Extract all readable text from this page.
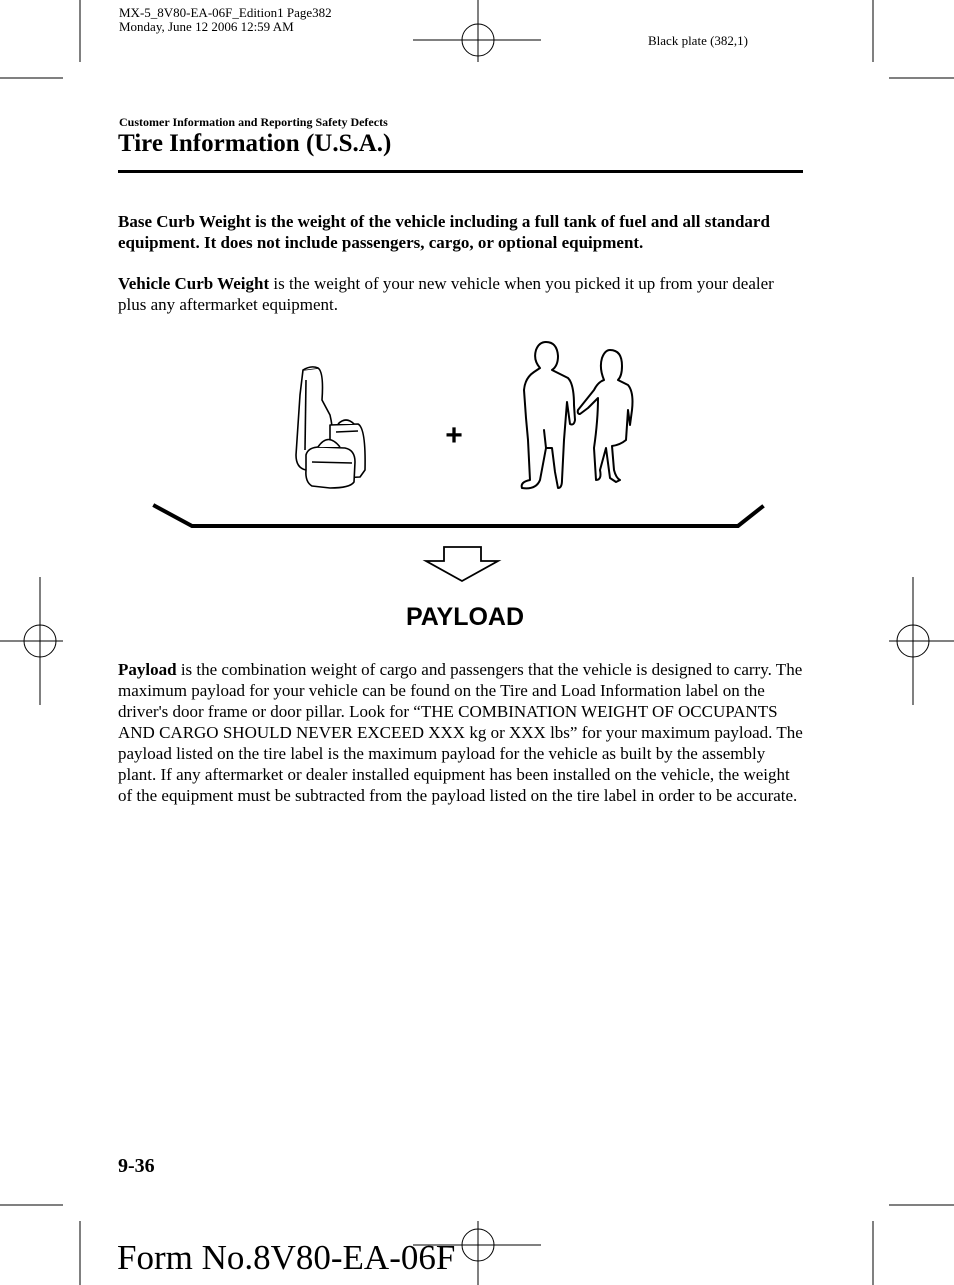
MX-5_8V80-EA-06F_Edition1 Page382
Monday, June 12 2006 12:59 AM
Black plate (382,1)
Customer Information and Reporting Safety Defects
Tire Information (U.S.A.)
Base Curb Weight is the weight of the vehicle including a full tank of fuel and all standard equipment. It does not include passengers, cargo, or optional equipment.
Vehicle Curb Weight is the weight of your new vehicle when you picked it up from your dealer plus any aftermarket equipment.
+
PAYLOAD
Payload is the combination weight of cargo and passengers that the vehicle is designed to carry. The maximum payload for your vehicle can be found on the Tire and Load Information label on the driver's door frame or door pillar. Look for “THE COMBINATION WEIGHT OF OCCUPANTS AND CARGO SHOULD NEVER EXCEED XXX kg or XXX lbs” for your maximum payload. The payload listed on the tire label is the maximum payload for the vehicle as built by the assembly plant. If any aftermarket or dealer installed equipment has been installed on the vehicle, the weight of the equipment must be subtracted from the payload listed on the tire label in order to be accurate.
9-36
Form No.8V80-EA-06F
